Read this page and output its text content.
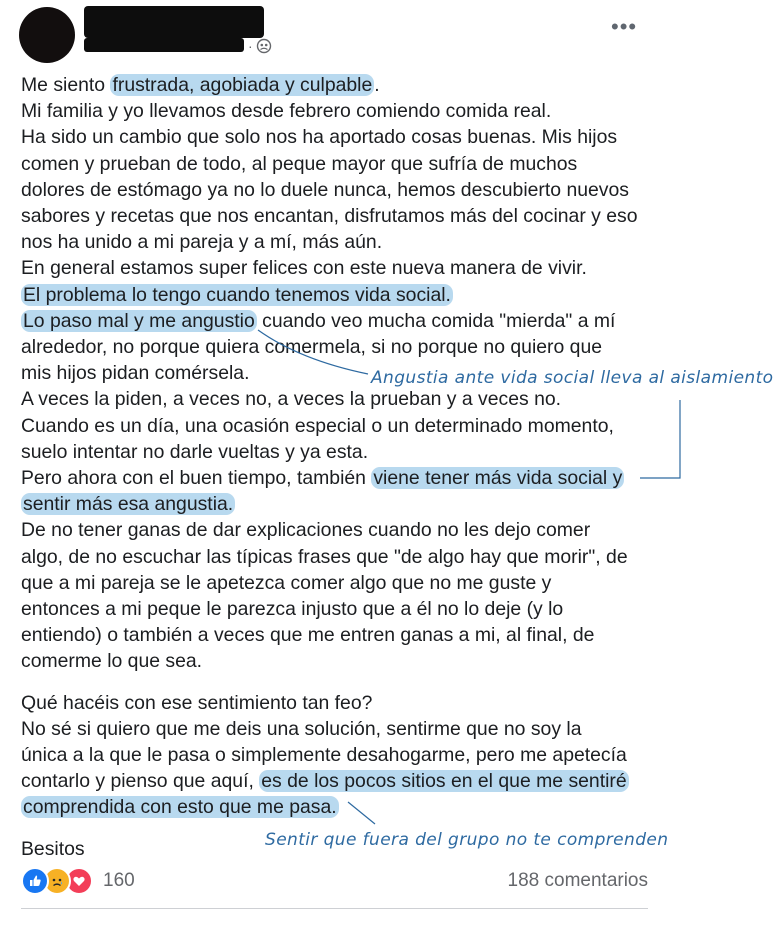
·
•••

Me siento frustrada, agobiada y culpable .

Mi familia y yo llevamos desde febrero comiendo comida real.

Ha sido un cambio que solo nos ha aportado cosas buenas. Mis hijos

comen y prueban de todo, al peque mayor que sufría de muchos

dolores de estómago ya no lo duele nunca, hemos descubierto nuevos

sabores y recetas que nos encantan, disfrutamos más del cocinar y eso

nos ha unido a mi pareja y a mí, más aún.

En general estamos super felices con este nueva manera de vivir.

El problema lo tengo cuando tenemos vida social.

Lo paso mal y me angustio cuando veo mucha comida "mierda" a mí

alrededor, no porque quiera comermela, si no porque no quiero que

mis hijos pidan comérsela.

A veces la piden, a veces no, a veces la prueban y a veces no.

Cuando es un día, una ocasión especial o un determinado momento,

suelo intentar no darle vueltas y ya esta.

Pero ahora con el buen tiempo, también viene tener más vida social y

sentir más esa angustia.

De no tener ganas de dar explicaciones cuando no les dejo comer

algo, de no escuchar las típicas frases que "de algo hay que morir", de

que a mi pareja se le apetezca comer algo que no me guste y

entonces a mi peque le parezca injusto que a él no lo deje (y lo

entiendo) o también a veces que me entren ganas a mi, al final, de

comerme lo que sea.

Qué hacéis con ese sentimiento tan feo?

No sé si quiero que me deis una solución, sentirme que no soy la

única a la que le pasa o simplemente desahogarme, pero me apetecía

contarlo y pienso que aquí, es de los pocos sitios en el que me sentiré

comprendida con esto que me pasa.

Besitos

Angustia ante vida social lleva al aislamiento
Sentir que fuera del grupo no te comprenden
160	188 comentarios
